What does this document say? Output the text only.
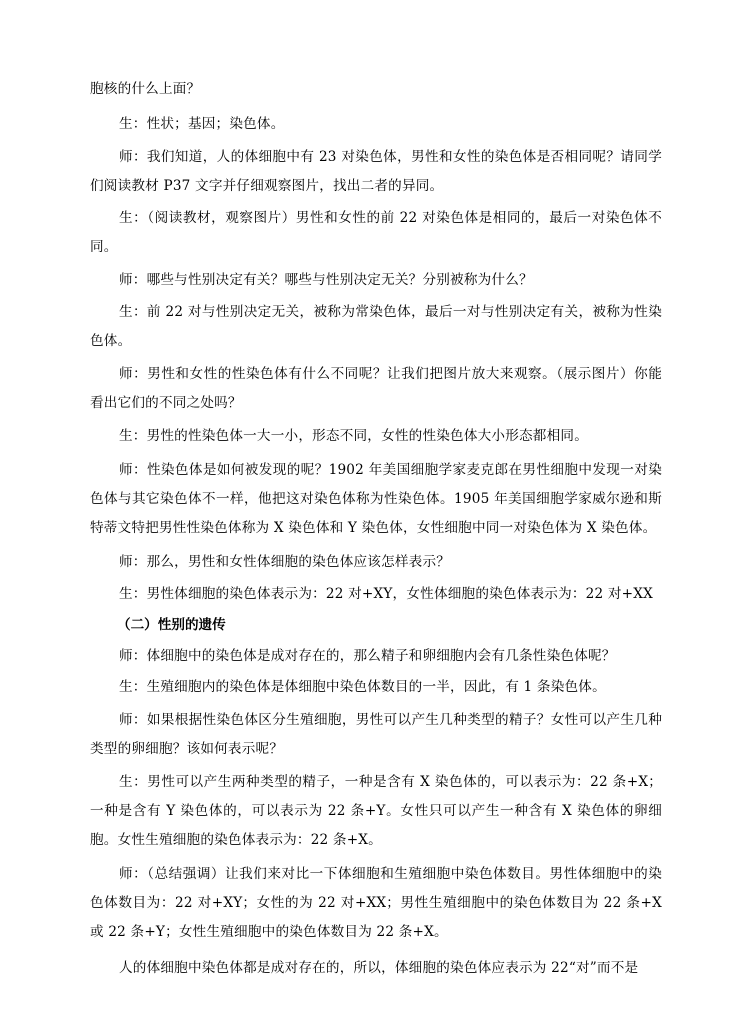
胞核的什么上面？

生：性状；基因；染色体。

师：我们知道，人的体细胞中有 23 对染色体，男性和女性的染色体是否相同呢？请同学们阅读教材 P37 文字并仔细观察图片，找出二者的异同。

生：（阅读教材，观察图片）男性和女性的前 22 对染色体是相同的，最后一对染色体不同。

师：哪些与性别决定有关？哪些与性别决定无关？分别被称为什么？

生：前 22 对与性别决定无关，被称为常染色体，最后一对与性别决定有关，被称为性染色体。

师：男性和女性的性染色体有什么不同呢？让我们把图片放大来观察。（展示图片）你能看出它们的不同之处吗？

生：男性的性染色体一大一小，形态不同，女性的性染色体大小形态都相同。

师：性染色体是如何被发现的呢？1902 年美国细胞学家麦克郎在男性细胞中发现一对染色体与其它染色体不一样，他把这对染色体称为性染色体。1905 年美国细胞学家威尔逊和斯特蒂文特把男性性染色体称为 X 染色体和 Y 染色体，女性细胞中同一对染色体为 X 染色体。

师：那么，男性和女性体细胞的染色体应该怎样表示？

生：男性体细胞的染色体表示为：22 对+XY，女性体细胞的染色体表示为：22 对+XX

（二）性别的遗传

师：体细胞中的染色体是成对存在的，那么精子和卵细胞内会有几条性染色体呢？

生：生殖细胞内的染色体是体细胞中染色体数目的一半，因此，有 1 条染色体。

师：如果根据性染色体区分生殖细胞，男性可以产生几种类型的精子？女性可以产生几种类型的卵细胞？该如何表示呢？

生：男性可以产生两种类型的精子，一种是含有 X 染色体的，可以表示为：22 条+X；一种是含有 Y 染色体的，可以表示为 22 条+Y。女性只可以产生一种含有 X 染色体的卵细胞。女性生殖细胞的染色体表示为：22 条+X。

师：（总结强调）让我们来对比一下体细胞和生殖细胞中染色体数目。男性体细胞中的染色体数目为：22 对+XY；女性的为 22 对+XX；男性生殖细胞中的染色体数目为 22 条+X 或 22 条+Y；女性生殖细胞中的染色体数目为 22 条+X。

人的体细胞中染色体都是成对存在的，所以，体细胞的染色体应表示为 22“对”而不是
